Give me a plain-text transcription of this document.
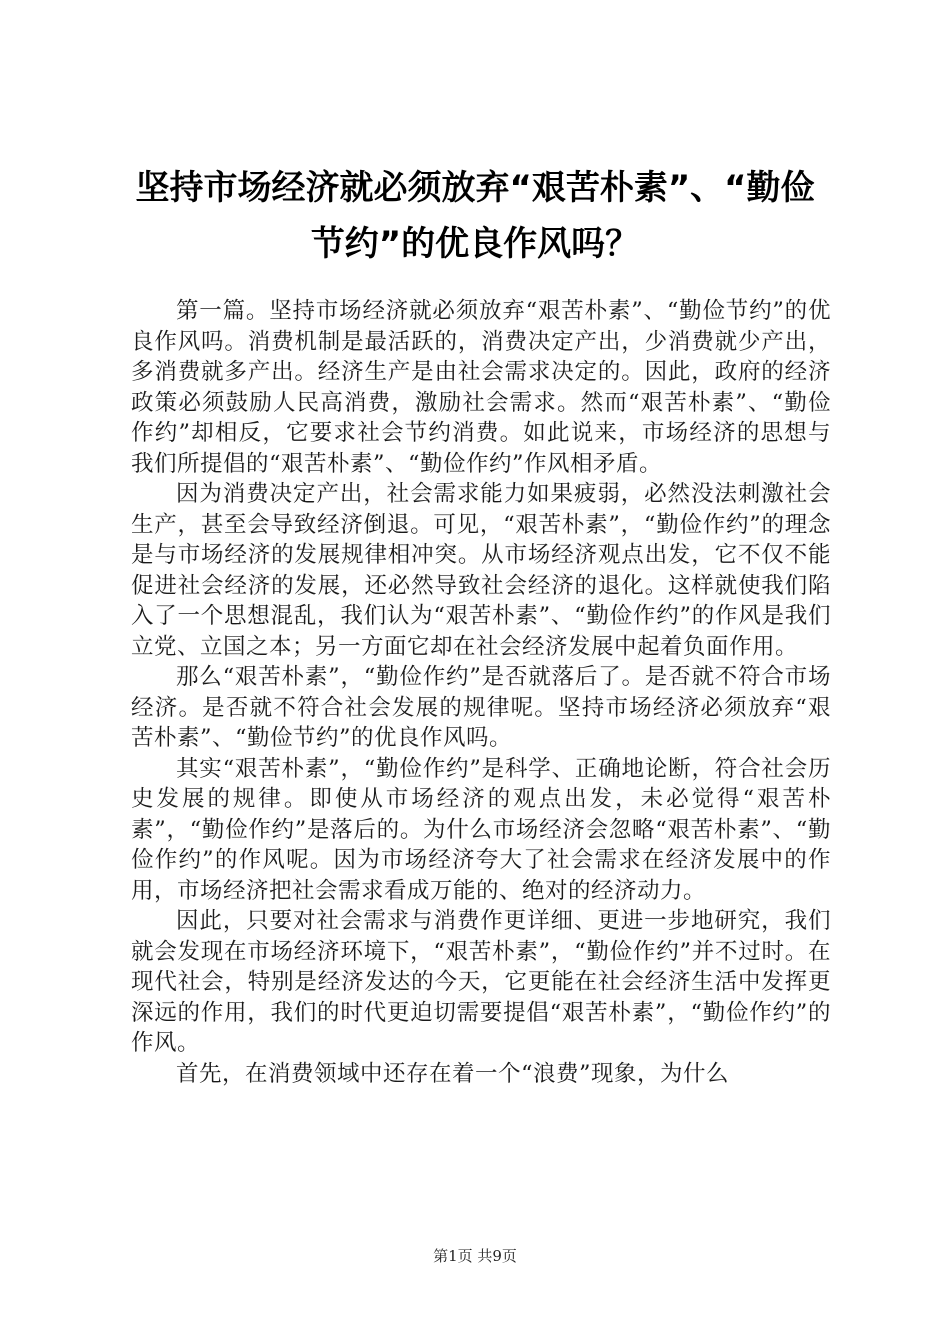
坚持市场经济就必须放弃“艰苦朴素”、“勤俭节约”的优良作风吗？

第一篇。坚持市场经济就必须放弃“艰苦朴素”、“勤俭节约”的优良作风吗。消费机制是最活跃的，消费决定产出，少消费就少产出，多消费就多产出。经济生产是由社会需求决定的。因此，政府的经济政策必须鼓励人民高消费，激励社会需求。然而“艰苦朴素”、“勤俭作约”却相反，它要求社会节约消费。如此说来，市场经济的思想与我们所提倡的“艰苦朴素”、“勤俭作约”作风相矛盾。

因为消费决定产出，社会需求能力如果疲弱，必然没法刺激社会生产，甚至会导致经济倒退。可见，“艰苦朴素”，“勤俭作约”的理念是与市场经济的发展规律相冲突。从市场经济观点出发，它不仅不能促进社会经济的发展，还必然导致社会经济的退化。这样就使我们陷入了一个思想混乱，我们认为“艰苦朴素”、“勤俭作约”的作风是我们立党、立国之本；另一方面它却在社会经济发展中起着负面作用。

那么“艰苦朴素”，“勤俭作约”是否就落后了。是否就不符合市场经济。是否就不符合社会发展的规律呢。坚持市场经济必须放弃“艰苦朴素”、“勤俭节约”的优良作风吗。

其实“艰苦朴素”，“勤俭作约”是科学、正确地论断，符合社会历史发展的规律。即使从市场经济的观点出发，未必觉得“艰苦朴素”，“勤俭作约”是落后的。为什么市场经济会忽略“艰苦朴素”、“勤俭作约”的作风呢。因为市场经济夸大了社会需求在经济发展中的作用，市场经济把社会需求看成万能的、绝对的经济动力。

因此，只要对社会需求与消费作更详细、更进一步地研究，我们就会发现在市场经济环境下，“艰苦朴素”，“勤俭作约”并不过时。在现代社会，特别是经济发达的今天，它更能在社会经济生活中发挥更深远的作用，我们的时代更迫切需要提倡“艰苦朴素”，“勤俭作约”的作风。

首先，在消费领域中还存在着一个“浪费”现象，为什么

第1页 共9页
